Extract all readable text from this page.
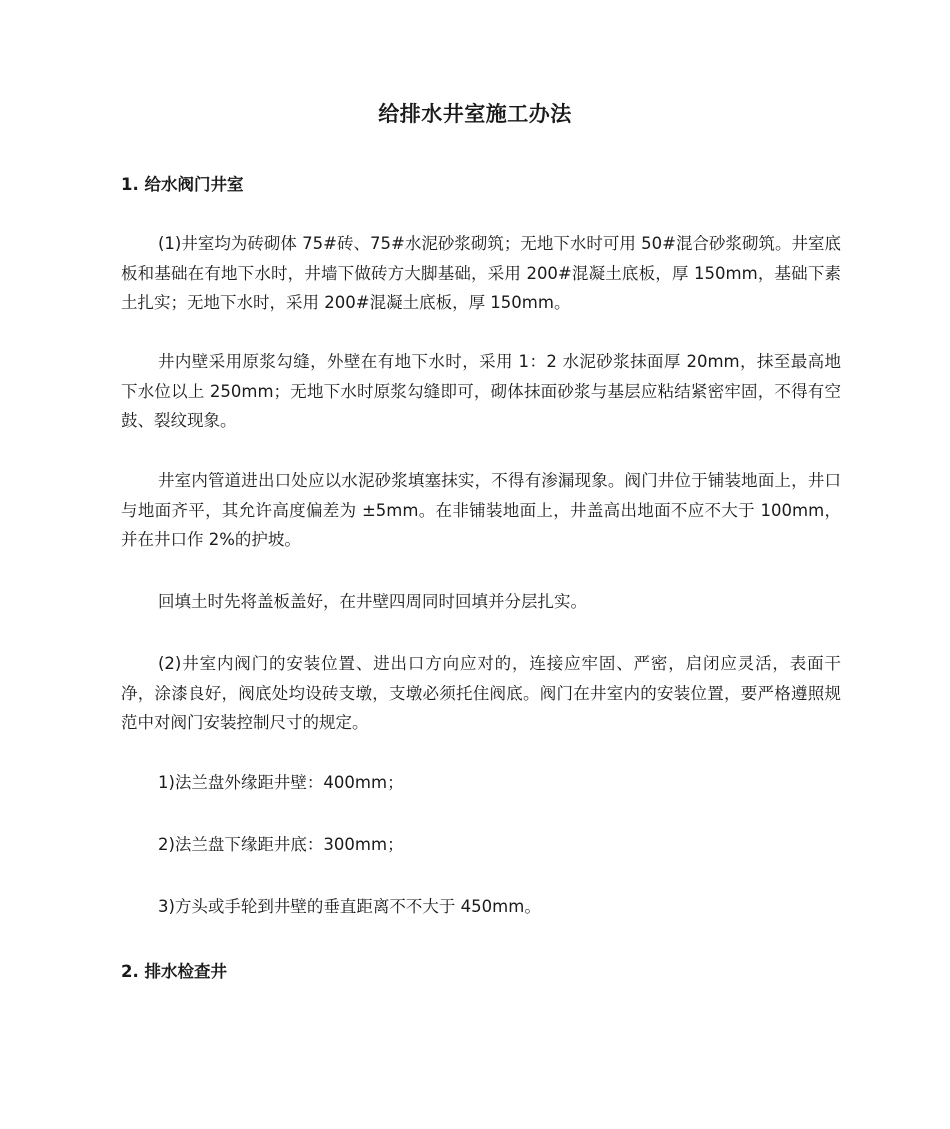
给排水井室施工办法
1. 给水阀门井室

(1)井室均为砖砌体 75#砖、75#水泥砂浆砌筑；无地下水时可用 50#混合砂浆砌筑。井室底板和基础在有地下水时，井墙下做砖方大脚基础，采用 200#混凝土底板，厚 150mm，基础下素土扎实；无地下水时，采用 200#混凝土底板，厚 150mm。

井内壁采用原浆勾缝，外壁在有地下水时，采用 1：2 水泥砂浆抹面厚 20mm，抹至最高地下水位以上 250mm；无地下水时原浆勾缝即可，砌体抹面砂浆与基层应粘结紧密牢固，不得有空鼓、裂纹现象。

井室内管道进出口处应以水泥砂浆填塞抹实，不得有渗漏现象。阀门井位于铺装地面上，井口与地面齐平，其允许高度偏差为 ±5mm。在非铺装地面上，井盖高出地面不应不大于 100mm，并在井口作 2%的护坡。

回填土时先将盖板盖好，在井壁四周同时回填并分层扎实。

(2)井室内阀门的安装位置、进出口方向应对的，连接应牢固、严密，启闭应灵活，表面干净，涂漆良好，阀底处均设砖支墩，支墩必须托住阀底。阀门在井室内的安装位置，要严格遵照规范中对阀门安装控制尺寸的规定。

1)法兰盘外缘距井壁：400mm；

2)法兰盘下缘距井底：300mm；

3)方头或手轮到井壁的垂直距离不不大于 450mm。

2. 排水检查井
